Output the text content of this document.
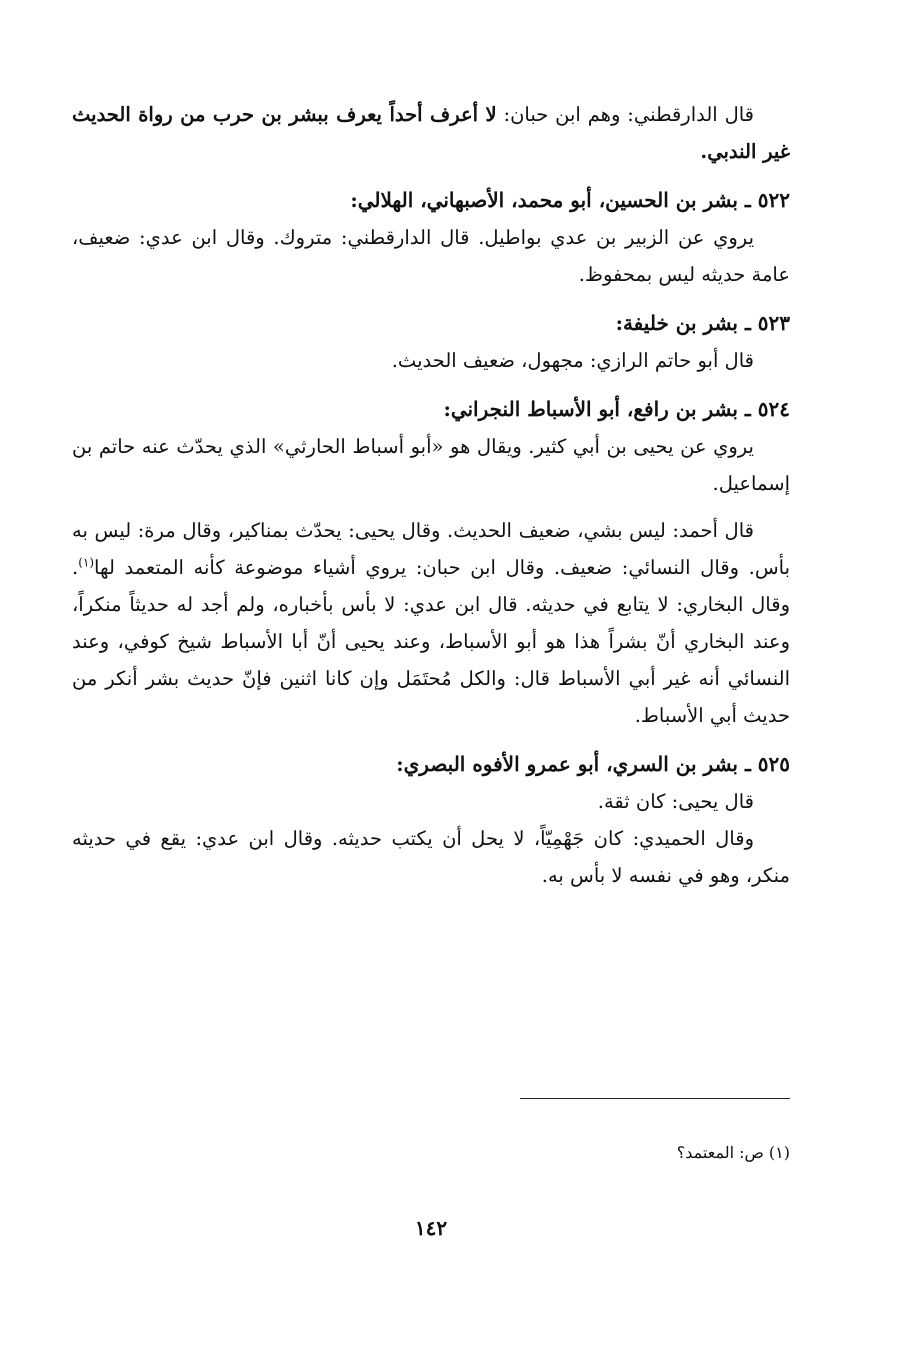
قال الدارقطني: وهم ابن حبان: لا أعرف أحداً يعرف ببشر بن حرب من رواة الحديث غير الندبي.

٥٢٢ ـ بشر بن الحسين، أبو محمد، الأصبهاني، الهلالي:

يروي عن الزبير بن عدي بواطيل. قال الدارقطني: متروك. وقال ابن عدي: ضعيف، عامة حديثه ليس بمحفوظ.

٥٢٣ ـ بشر بن خليفة:

قال أبو حاتم الرازي: مجهول، ضعيف الحديث.

٥٢٤ ـ بشر بن رافع، أبو الأسباط النجراني:

يروي عن يحيى بن أبي كثير. ويقال هو «أبو أسباط الحارثي» الذي يحدّث عنه حاتم بن إسماعيل.

قال أحمد: ليس بشي، ضعيف الحديث. وقال يحيى: يحدّث بمناكير، وقال مرة: ليس به بأس. وقال النسائي: ضعيف. وقال ابن حبان: يروي أشياء موضوعة كأنه المتعمد لها$^{(١)}$. وقال البخاري: لا يتابع في حديثه. قال ابن عدي: لا بأس بأخباره، ولم أجد له حديثاً منكراً، وعند البخاري أنّ بشراً هذا هو أبو الأسباط، وعند يحيى أنّ أبا الأسباط شيخ كوفي، وعند النسائي أنه غير أبي الأسباط قال: والكل مُحتَمَل وإن كانا اثنين فإنّ حديث بشر أنكر من حديث أبي الأسباط.

٥٢٥ ـ بشر بن السري، أبو عمرو الأفوه البصري:

قال يحيى: كان ثقة.

وقال الحميدي: كان جَهْمِيّاً، لا يحل أن يكتب حديثه. وقال ابن عدي: يقع في حديثه منكر، وهو في نفسه لا بأس به.

(١) ص: المعتمد؟
١٤٢
